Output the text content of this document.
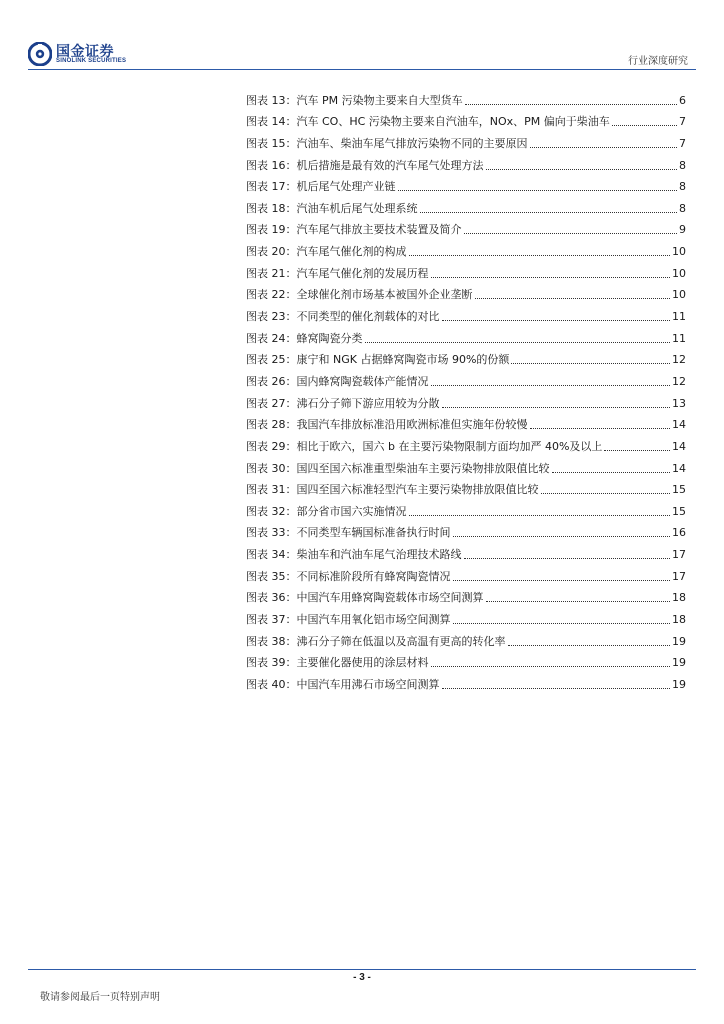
国金证券
SINOLINK SECURITIES	行业深度研究
图表 13：汽车 PM 污染物主要来自大型货车	6
图表 14：汽车 CO、HC 污染物主要来自汽油车，NOx、PM 偏向于柴油车	7
图表 15：汽油车、柴油车尾气排放污染物不同的主要原因	7
图表 16：机后措施是最有效的汽车尾气处理方法	8
图表 17：机后尾气处理产业链	8
图表 18：汽油车机后尾气处理系统	8
图表 19：汽车尾气排放主要技术装置及简介	9
图表 20：汽车尾气催化剂的构成	10
图表 21：汽车尾气催化剂的发展历程	10
图表 22：全球催化剂市场基本被国外企业垄断	10
图表 23：不同类型的催化剂载体的对比	11
图表 24：蜂窝陶瓷分类	11
图表 25：康宁和 NGK 占据蜂窝陶瓷市场 90%的份额	12
图表 26：国内蜂窝陶瓷载体产能情况	12
图表 27：沸石分子筛下游应用较为分散	13
图表 28：我国汽车排放标准沿用欧洲标准但实施年份较慢	14
图表 29：相比于欧六，国六 b 在主要污染物限制方面均加严 40%及以上	14
图表 30：国四至国六标准重型柴油车主要污染物排放限值比较	14
图表 31：国四至国六标准轻型汽车主要污染物排放限值比较	15
图表 32：部分省市国六实施情况	15
图表 33：不同类型车辆国标准备执行时间	16
图表 34：柴油车和汽油车尾气治理技术路线	17
图表 35：不同标准阶段所有蜂窝陶瓷情况	17
图表 36：中国汽车用蜂窝陶瓷载体市场空间测算	18
图表 37：中国汽车用氧化铝市场空间测算	18
图表 38：沸石分子筛在低温以及高温有更高的转化率	19
图表 39：主要催化器使用的涂层材料	19
图表 40：中国汽车用沸石市场空间测算	19
- 3 -
敬请参阅最后一页特别声明
